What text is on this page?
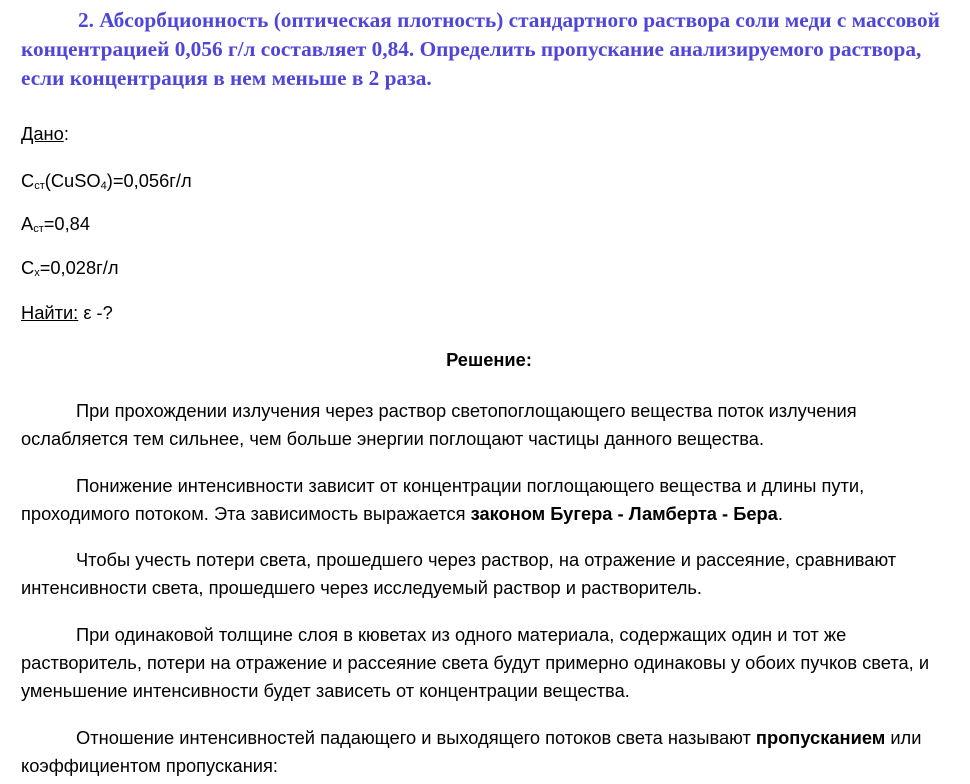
2. Абсорбционность (оптическая плотность) стандартного раствора соли меди с массовой концентрацией 0,056 г/л составляет 0,84. Определить пропускание анализируемого раствора, если концентрация в нем меньше в 2 раза.

Дано:

Сст(CuSO4)=0,056г/л

Аст=0,84

Сх=0,028г/л

Найти: ε -?

Решение:

При прохождении излучения через раствор светопоглощающего вещества поток излучения ослабляется тем сильнее, чем больше энергии поглощают частицы данного вещества.

Понижение интенсивности зависит от концентрации поглощающего вещества и длины пути, проходимого потоком. Эта зависимость выражается законом Бугера - Ламберта - Бера.

Чтобы учесть потери света, прошедшего через раствор, на отражение и рассеяние, сравнивают интенсивности света, прошедшего через исследуемый раствор и растворитель.

При одинаковой толщине слоя в кюветах из одного материала, содержащих один и тот же растворитель, потери на отражение и рассеяние света будут примерно одинаковы у обоих пучков света, и уменьшение интенсивности будет зависеть от концентрации вещества.

Отношение интенсивностей падающего и выходящего потоков света называют пропусканием или коэффициентом пропускания:
